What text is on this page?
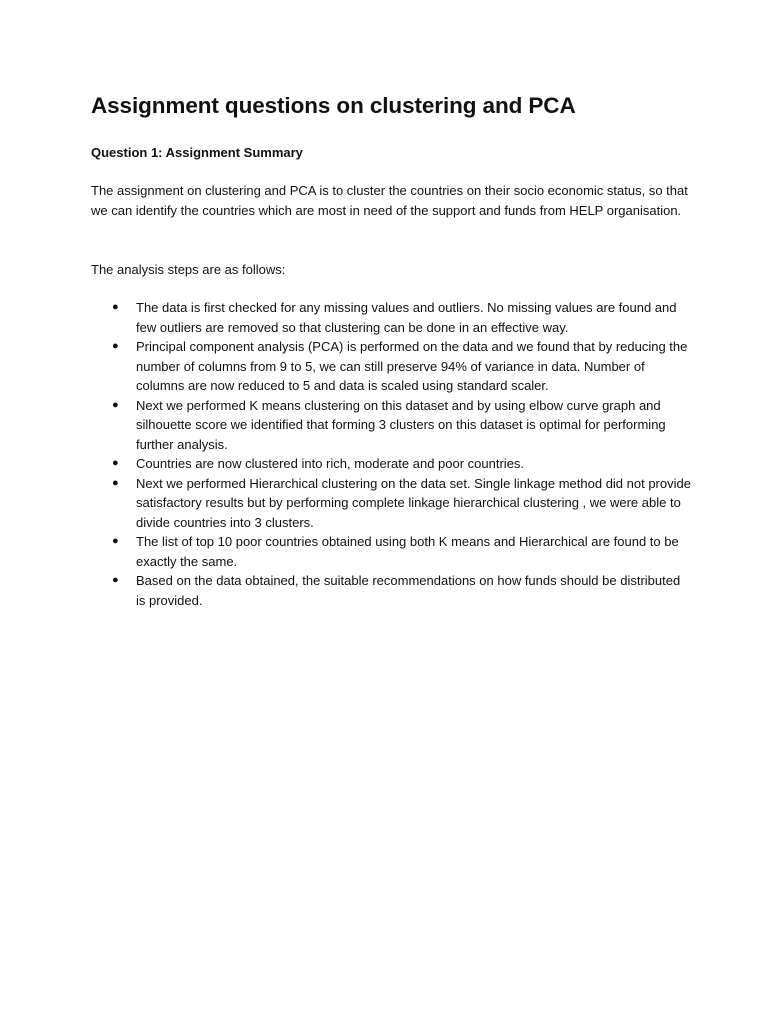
Assignment questions on clustering and PCA
Question 1: Assignment Summary

The assignment on clustering and PCA is to cluster the countries on their socio economic status, so that we can identify the countries which are most in need of the support and funds from HELP organisation.

The analysis steps are as follows:

● The data is first checked for any missing values and outliers. No missing values are found and few outliers are removed so that clustering can be done in an effective way.
● Principal component analysis (PCA) is performed on the data and we found that by reducing the number of columns from 9 to 5, we can still preserve 94% of variance in data. Number of columns are now reduced to 5 and data is scaled using standard scaler.
● Next we performed K means clustering on this dataset and by using elbow curve graph and silhouette score we identified that forming 3 clusters on this dataset is optimal for performing further analysis.
● Countries are now clustered into rich, moderate and poor countries.
● Next we performed Hierarchical clustering on the data set. Single linkage method did not provide satisfactory results but by performing complete linkage hierarchical clustering , we were able to divide countries into 3 clusters.
● The list of top 10 poor countries obtained using both K means and Hierarchical are found to be exactly the same.
● Based on the data obtained, the suitable recommendations on how funds should be distributed is provided.
